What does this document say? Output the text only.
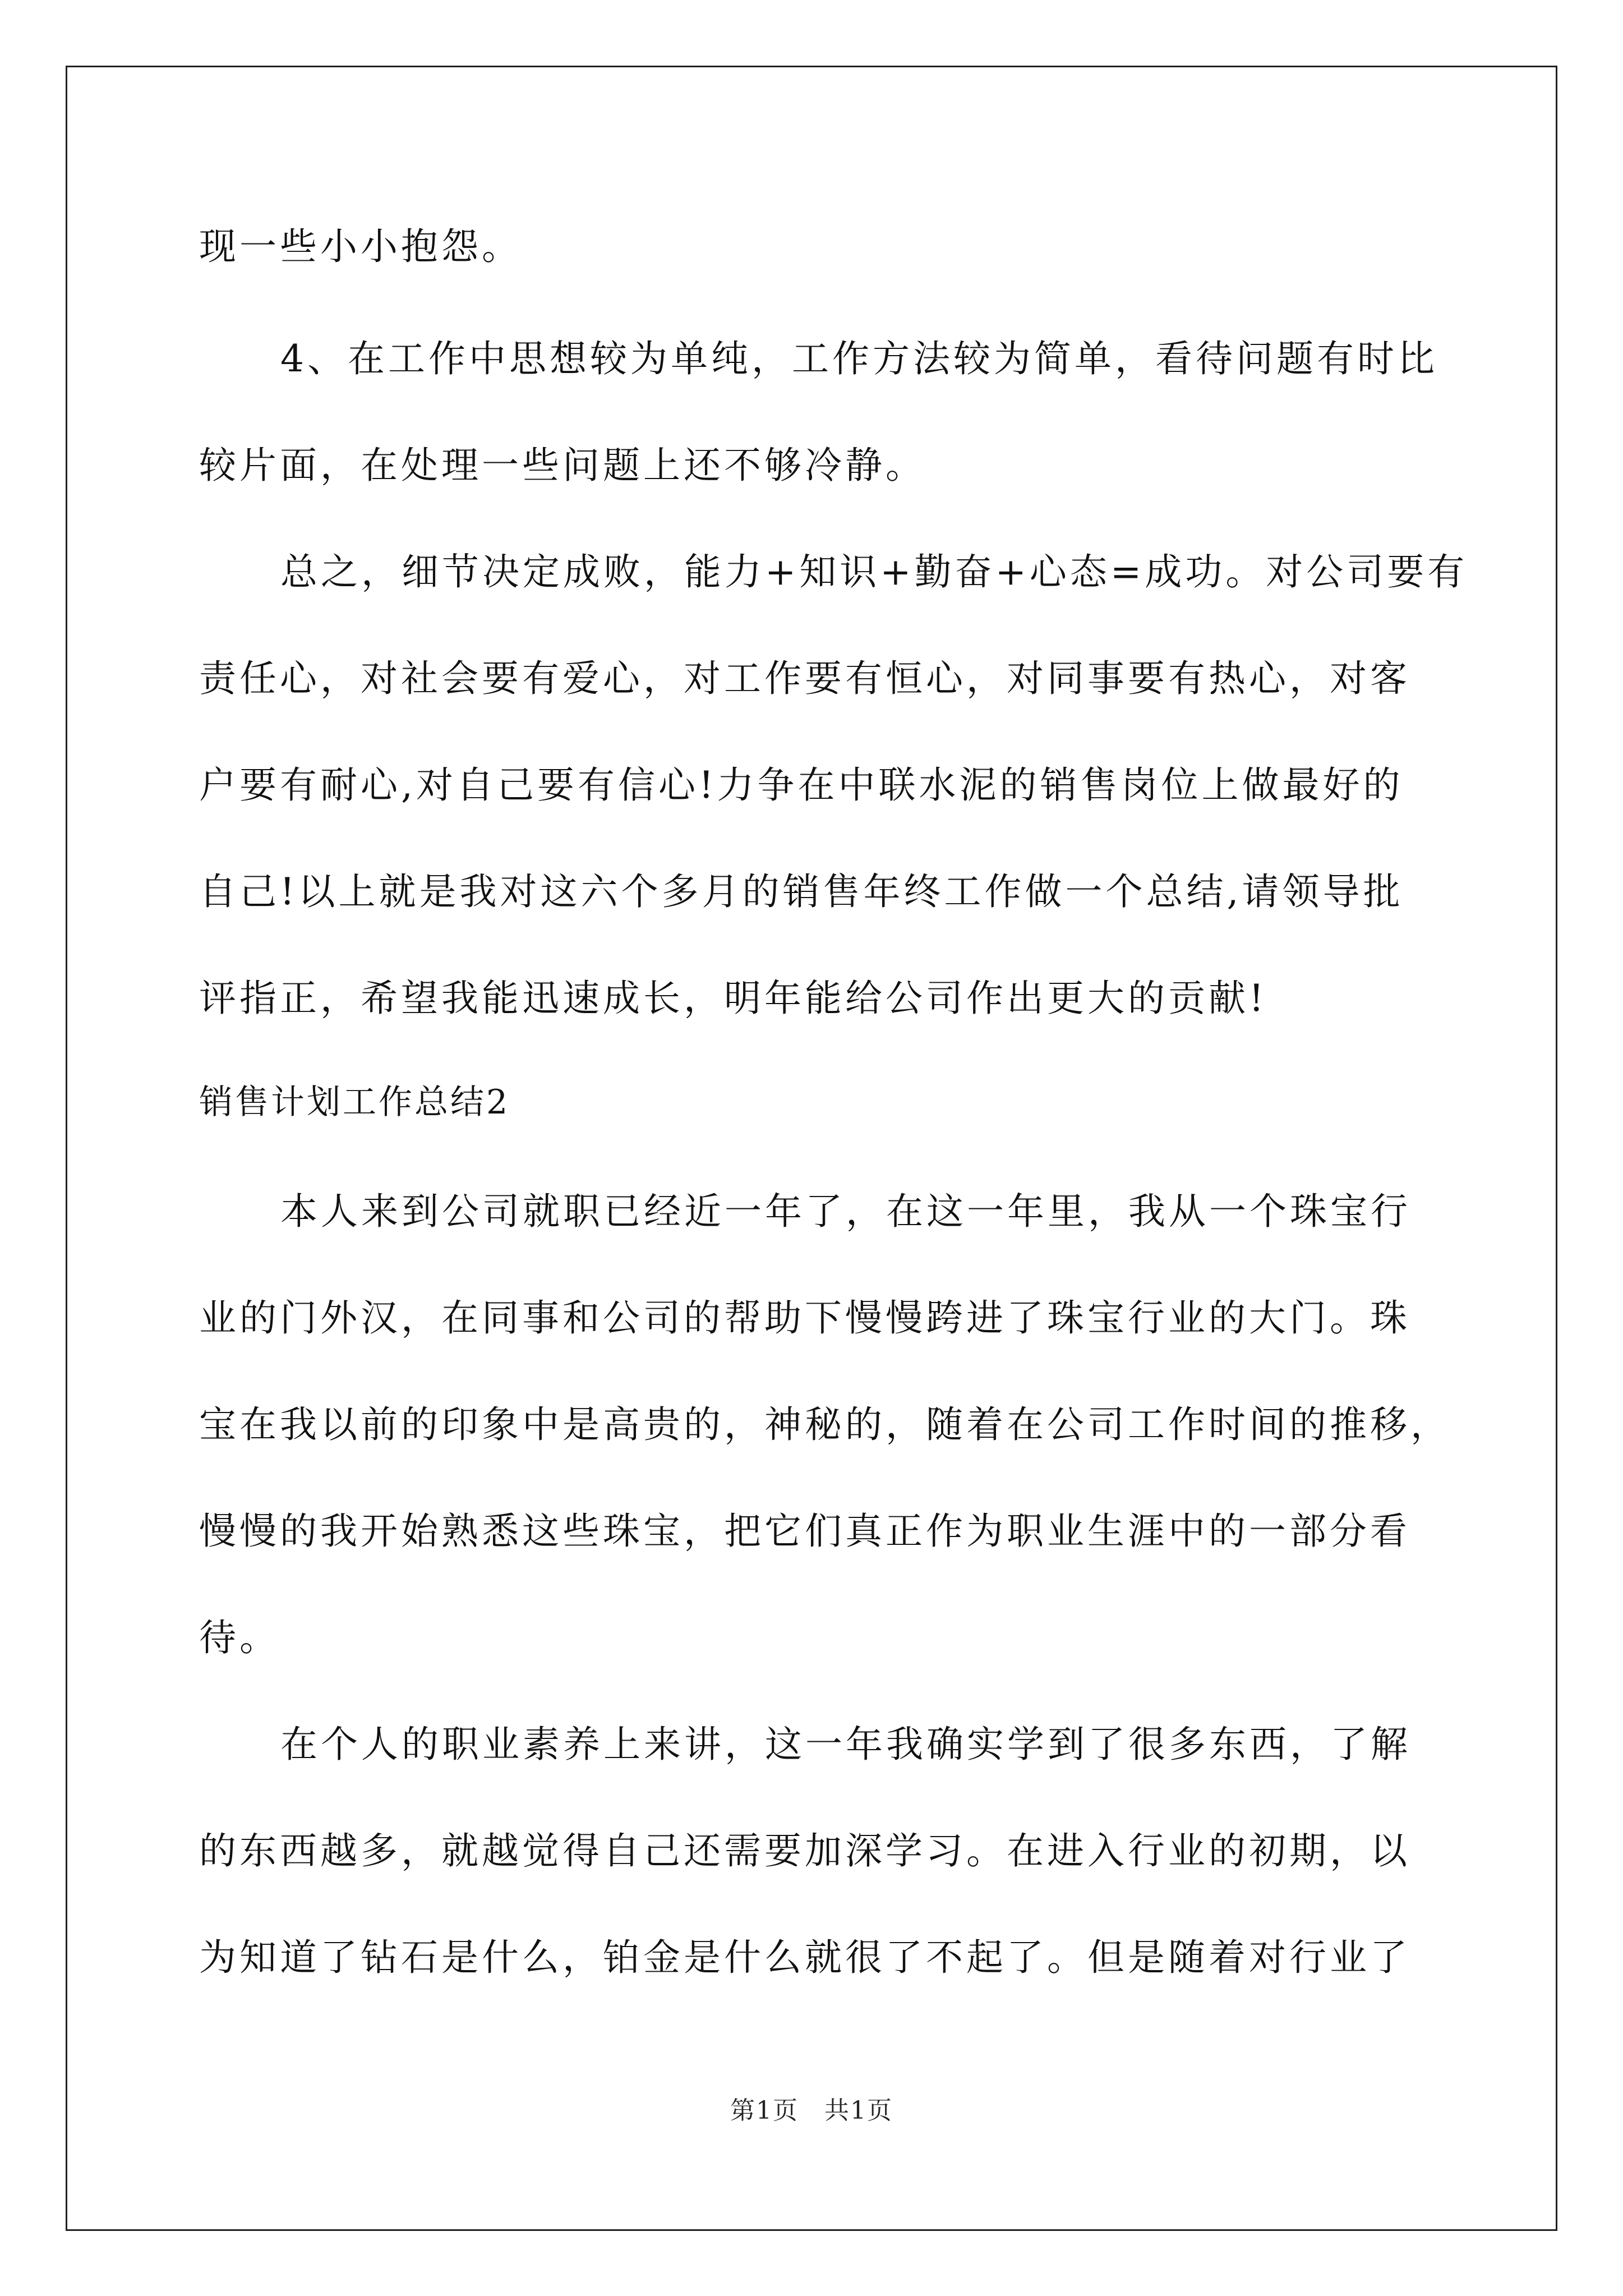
现一些小小抱怨。
4、在工作中思想较为单纯，工作方法较为简单，看待问题有时比
较片面，在处理一些问题上还不够冷静。
总之，细节决定成败，能力+知识+勤奋+心态=成功。对公司要有
责任心，对社会要有爱心，对工作要有恒心，对同事要有热心，对客
户要有耐心,对自己要有信心!力争在中联水泥的销售岗位上做最好的
自己!以上就是我对这六个多月的销售年终工作做一个总结,请领导批
评指正，希望我能迅速成长，明年能给公司作出更大的贡献!
销售计划工作总结2
本人来到公司就职已经近一年了，在这一年里，我从一个珠宝行
业的门外汉，在同事和公司的帮助下慢慢跨进了珠宝行业的大门。珠
宝在我以前的印象中是高贵的，神秘的，随着在公司工作时间的推移，
慢慢的我开始熟悉这些珠宝，把它们真正作为职业生涯中的一部分看
待。
在个人的职业素养上来讲，这一年我确实学到了很多东西，了解
的东西越多，就越觉得自己还需要加深学习。在进入行业的初期，以
为知道了钻石是什么，铂金是什么就很了不起了。但是随着对行业了
第1页　共1页
